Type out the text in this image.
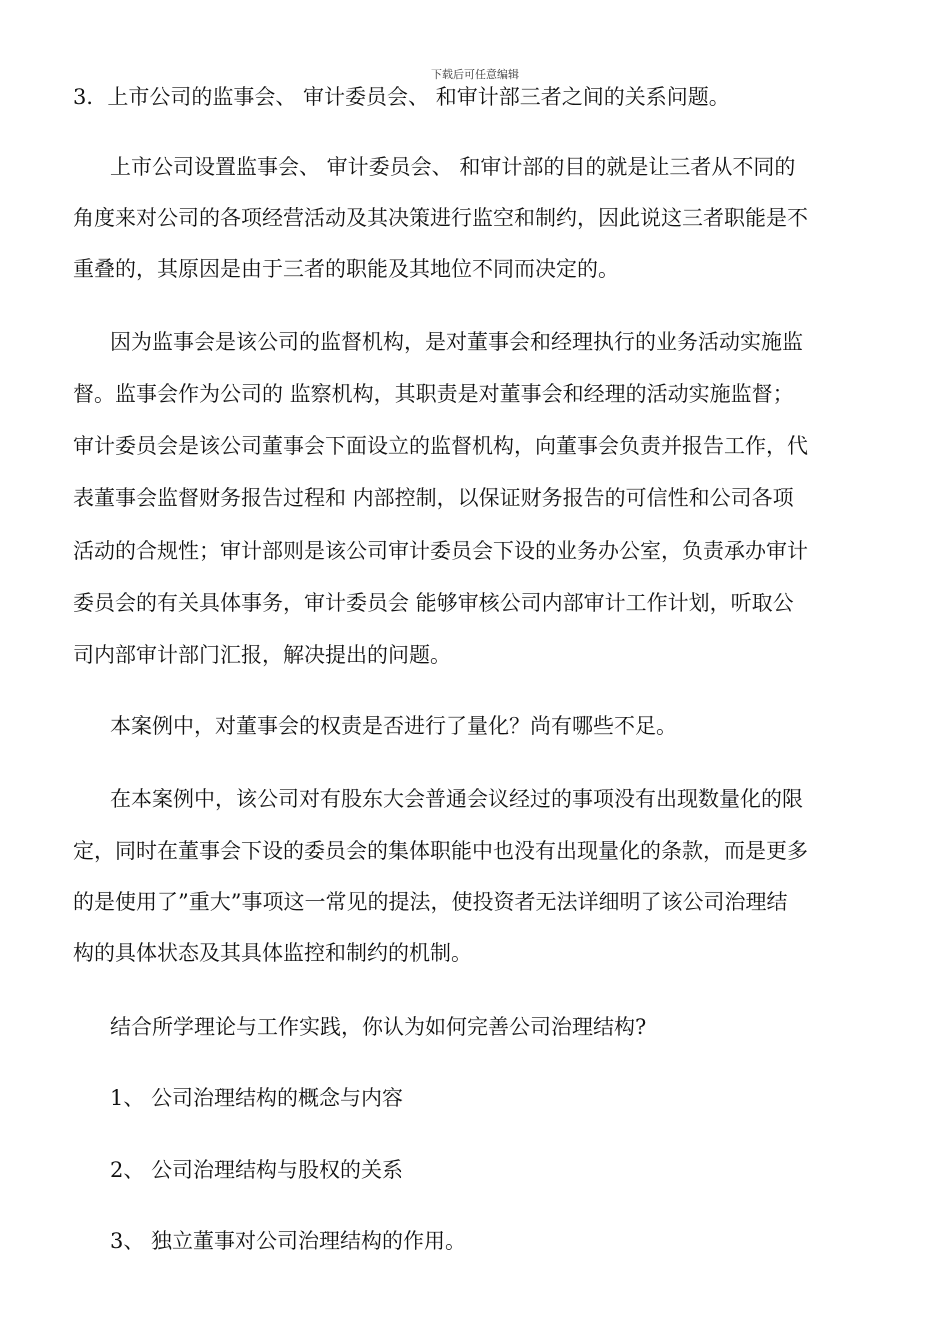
下载后可任意编辑
3．上市公司的监事会、 审计委员会、 和审计部三者之间的关系问题。
上市公司设置监事会、 审计委员会、 和审计部的目的就是让三者从不同的
角度来对公司的各项经营活动及其决策进行监空和制约，因此说这三者职能是不
重叠的，其原因是由于三者的职能及其地位不同而决定的。
因为监事会是该公司的监督机构，是对董事会和经理执行的业务活动实施监
督。监事会作为公司的 监察机构，其职责是对董事会和经理的活动实施监督；
审计委员会是该公司董事会下面设立的监督机构，向董事会负责并报告工作，代
表董事会监督财务报告过程和 内部控制，以保证财务报告的可信性和公司各项
活动的合规性；审计部则是该公司审计委员会下设的业务办公室，负责承办审计
委员会的有关具体事务，审计委员会 能够审核公司内部审计工作计划，听取公
司内部审计部门汇报，解决提出的问题。
本案例中，对董事会的权责是否进行了量化？尚有哪些不足。
在本案例中，该公司对有股东大会普通会议经过的事项没有出现数量化的限
定，同时在董事会下设的委员会的集体职能中也没有出现量化的条款，而是更多
的是使用了”重大”事项这一常见的提法，使投资者无法详细明了该公司治理结
构的具体状态及其具体监控和制约的机制。
结合所学理论与工作实践，你认为如何完善公司治理结构?
1、 公司治理结构的概念与内容
2、 公司治理结构与股权的关系
3、 独立董事对公司治理结构的作用。
